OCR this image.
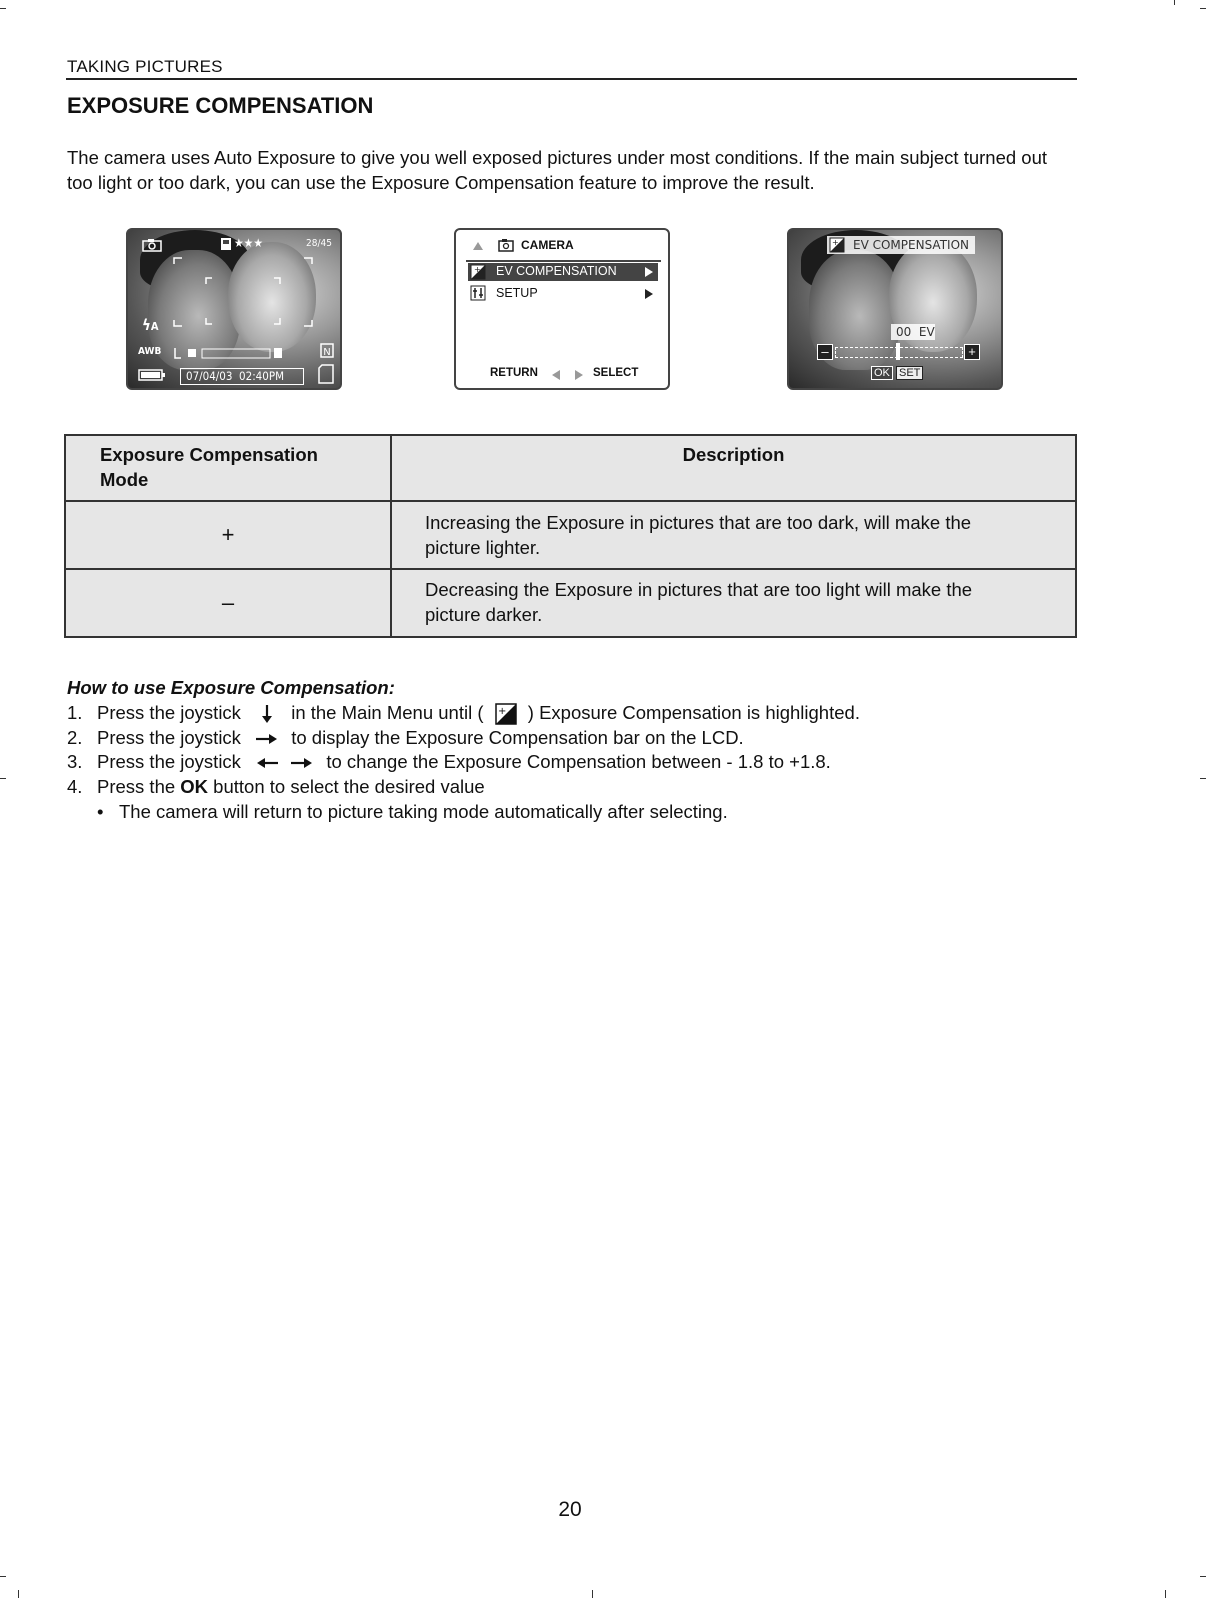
TAKING PICTURES
EXPOSURE COMPENSATION

The camera uses Auto Exposure to give you well exposed pictures under most conditions. If the main subject turned out too light or too dark, you can use the Exposure Compensation feature to improve the result.

★★★	28/45
ϟA
AWB	N
07/04/03  02:40PM
CAMERA
+ EV COMPENSATION
SETUP
RETURN	SELECT
+ EV COMPENSATION
00  EV
–	+
OK SET
Exposure Compensation Mode	Description
+	Increasing the Exposure in pictures that are too dark, will make the picture lighter.
–	Decreasing the Exposure in pictures that are too light will make the picture darker.

How to use Exposure Compensation:

1. Press the joystick	in the Main Menu until ( + ) Exposure Compensation is highlighted.
2. Press the joystick	to display the Exposure Compensation bar on the LCD.
3. Press the joystick	to change the Exposure Compensation between - 1.8 to +1.8.
4. Press the OK button to select the desired value
• The camera will return to picture taking mode automatically after selecting.
20
